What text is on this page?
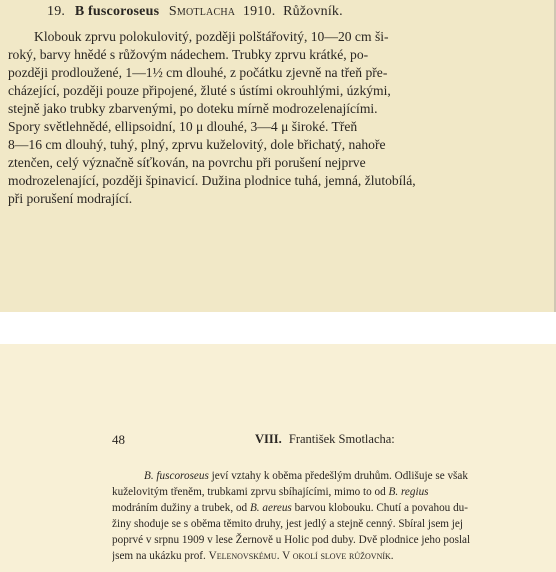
19. B fuscoroseus Smotlacha 1910. Růžovník.
Klobouk zprvu polokulovitý, později polštářovitý, 10—20 cm ši-
roký, barvy hnědé s růžovým nádechem. Trubky zprvu krátké, po-
později prodloužené, 1—1½ cm dlouhé, z počátku zjevně na třeň pře-
cházející, později pouze připojené, žluté s ústími okrouhlými, úzkými,
stejně jako trubky zbarvenými, po doteku mírně modrozelenajícími.
Spory světlehnědé, ellipsoidní, 10 μ dlouhé, 3—4 μ široké. Třeň
8—16 cm dlouhý, tuhý, plný, zprvu kuželovitý, dole břichatý, nahoře
ztenčen, celý význačně síťkován, na povrchu při porušení nejprve
modrozelenající, později špinavicí. Dužina plodnice tuhá, jemná, žlutobílá,
při porušení modrající.
48	VIII. František Smotlacha:
B. fuscoroseus jeví vztahy k oběma předešlým druhům. Odlišuje se však
kuželovitým třeněm, trubkami zprvu sbíhajícími, mimo to od B. regius
modráním dužiny a trubek, od B. aereus barvou klobouku. Chutí a povahou du-
žiny shoduje se s oběma těmito druhy, jest jedlý a stejně cenný. Sbíral jsem jej
poprvé v srpnu 1909 v lese Žernově u Holic pod duby. Dvě plodnice jeho poslal
jsem na ukázku prof. Velenovskému. V okolí slove růžovník.
